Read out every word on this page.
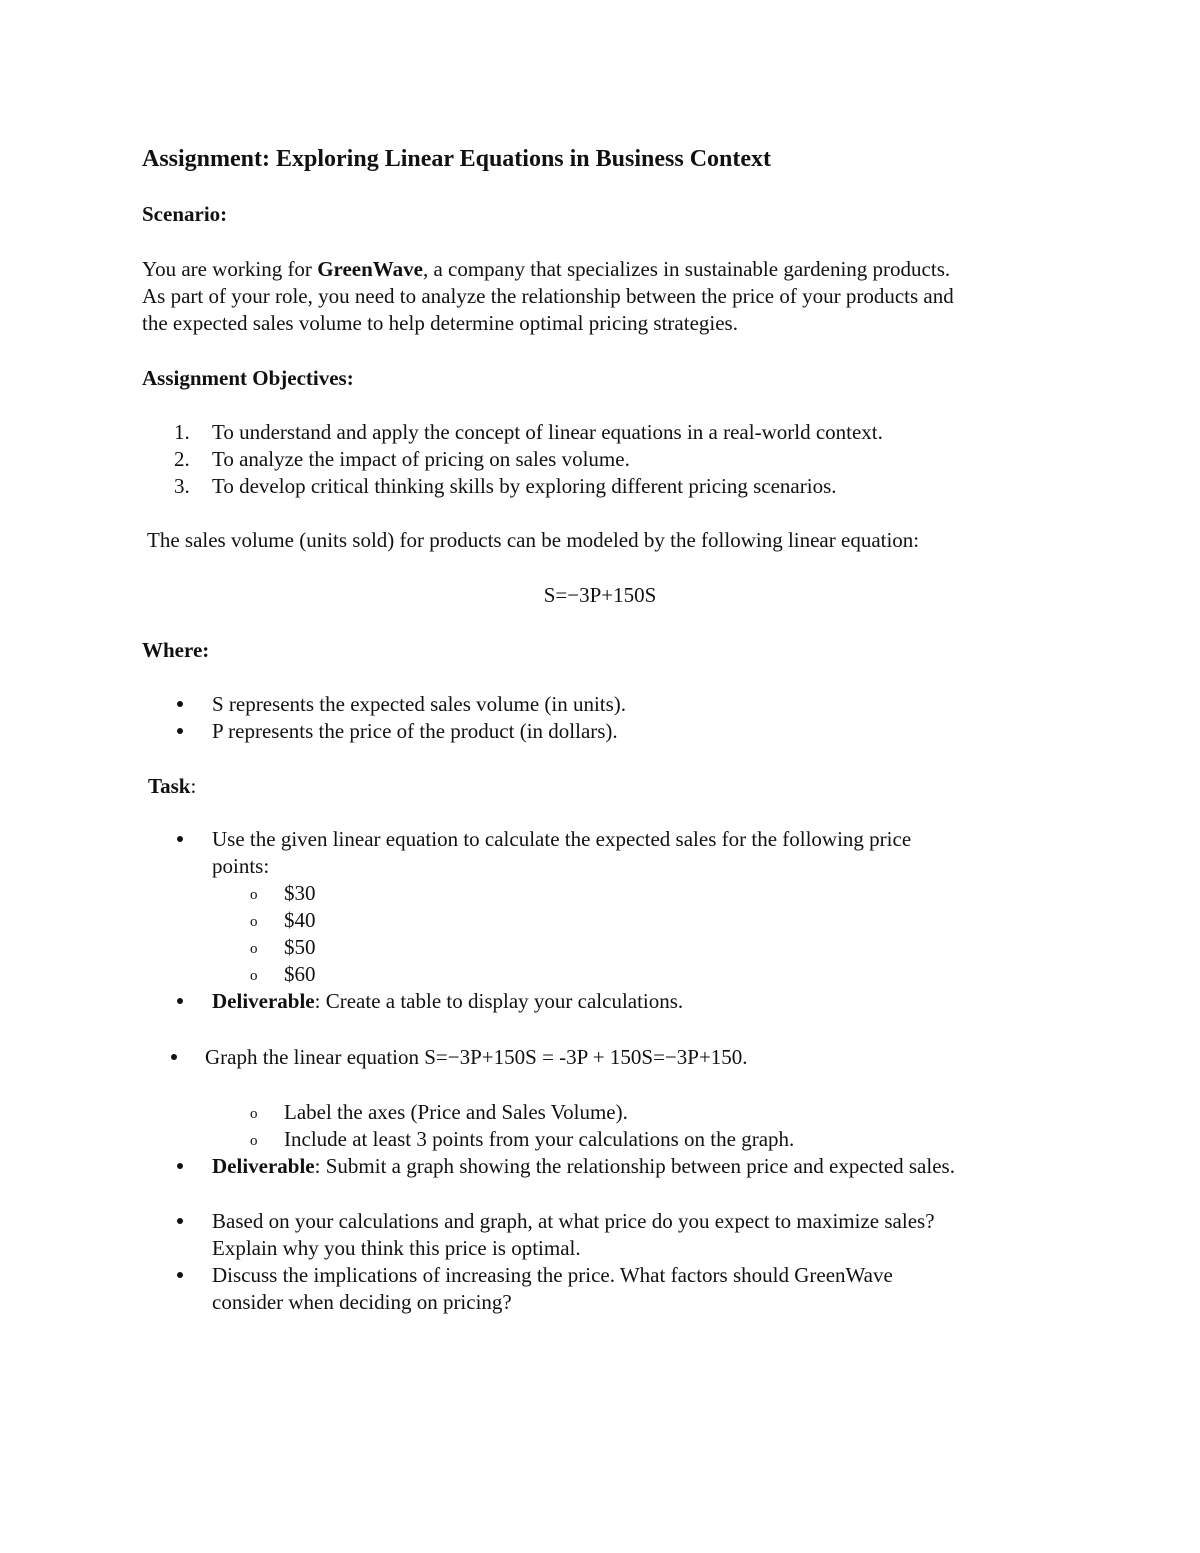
Assignment: Exploring Linear Equations in Business Context
Scenario:
You are working for GreenWave, a company that specializes in sustainable gardening products.
As part of your role, you need to analyze the relationship between the price of your products and
the expected sales volume to help determine optimal pricing strategies.
Assignment Objectives:
1. To understand and apply the concept of linear equations in a real-world context.
2. To analyze the impact of pricing on sales volume.
3. To develop critical thinking skills by exploring different pricing scenarios.
The sales volume (units sold) for products can be modeled by the following linear equation:
S=−3P+150S
Where:
S represents the expected sales volume (in units).
P represents the price of the product (in dollars).
Task:
Use the given linear equation to calculate the expected sales for the following price
points:
o $30
o $40
o $50
o $60
Deliverable: Create a table to display your calculations.
Graph the linear equation S=−3P+150S = -3P + 150S=−3P+150.
o Label the axes (Price and Sales Volume).
o Include at least 3 points from your calculations on the graph.
Deliverable: Submit a graph showing the relationship between price and expected sales.
Based on your calculations and graph, at what price do you expect to maximize sales?
Explain why you think this price is optimal.
Discuss the implications of increasing the price. What factors should GreenWave
consider when deciding on pricing?
